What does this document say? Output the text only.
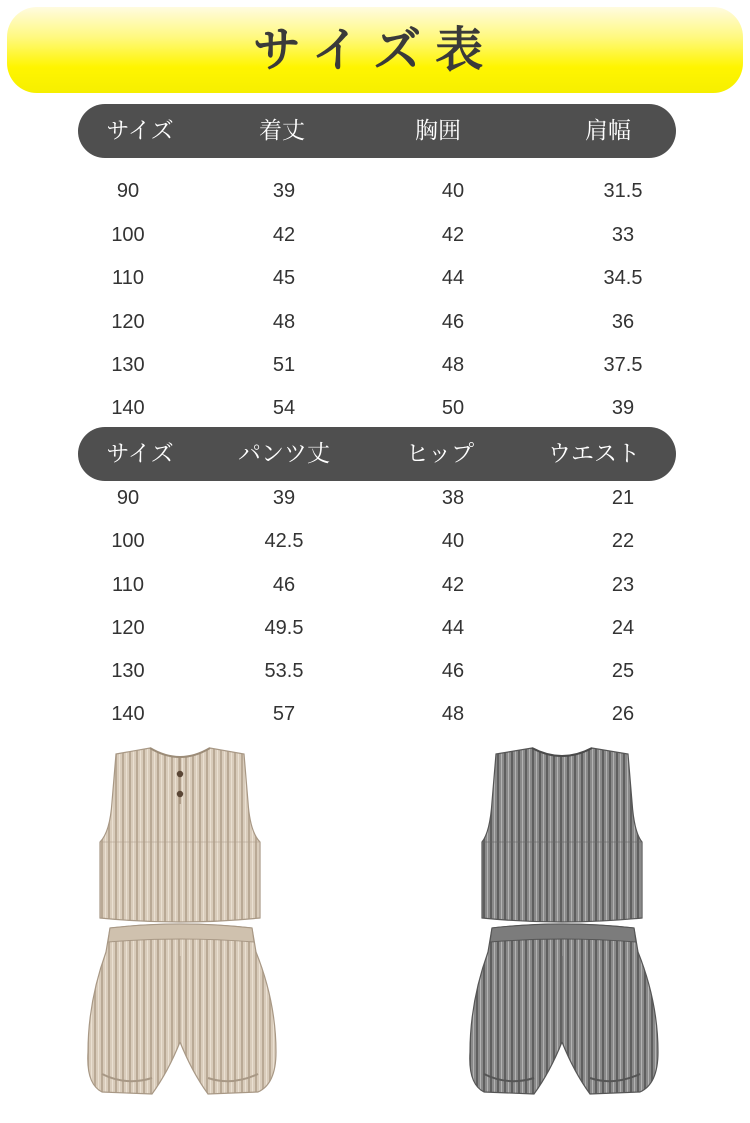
サイズ表
サイズ	着丈	胸囲	肩幅
90	39	40	31.5
100	42	42	33
110	45	44	34.5
120	48	46	36
130	51	48	37.5
140	54	50	39
サイズ	パンツ丈	ヒップ	ウエスト
90	39	38	21
100	42.5	40	22
110	46	42	23
120	49.5	44	24
130	53.5	46	25
140	57	48	26
